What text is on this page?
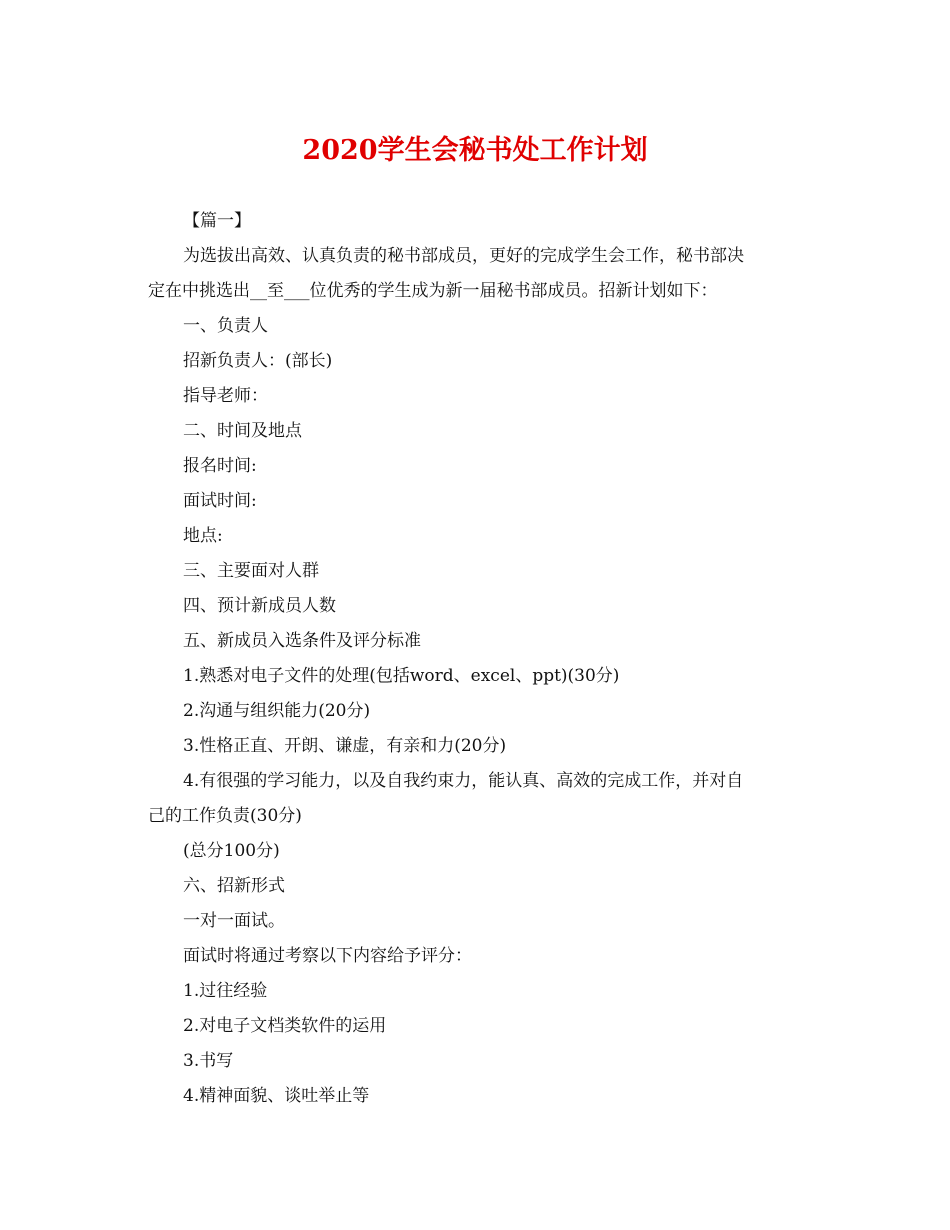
2020学生会秘书处工作计划
【篇一】
为选拔出高效、认真负责的秘书部成员，更好的完成学生会工作，秘书部决
定在中挑选出__至___位优秀的学生成为新一届秘书部成员。招新计划如下：
一、负责人
招新负责人：(部长)
指导老师：
二、时间及地点
报名时间:
面试时间:
地点:
三、主要面对人群
四、预计新成员人数
五、新成员入选条件及评分标准
1.熟悉对电子文件的处理(包括word、excel、ppt)(30分)
2.沟通与组织能力(20分)
3.性格正直、开朗、谦虚，有亲和力(20分)
4.有很强的学习能力，以及自我约束力，能认真、高效的完成工作，并对自
己的工作负责(30分)
(总分100分)
六、招新形式
一对一面试。
面试时将通过考察以下内容给予评分：
1.过往经验
2.对电子文档类软件的运用
3.书写
4.精神面貌、谈吐举止等
